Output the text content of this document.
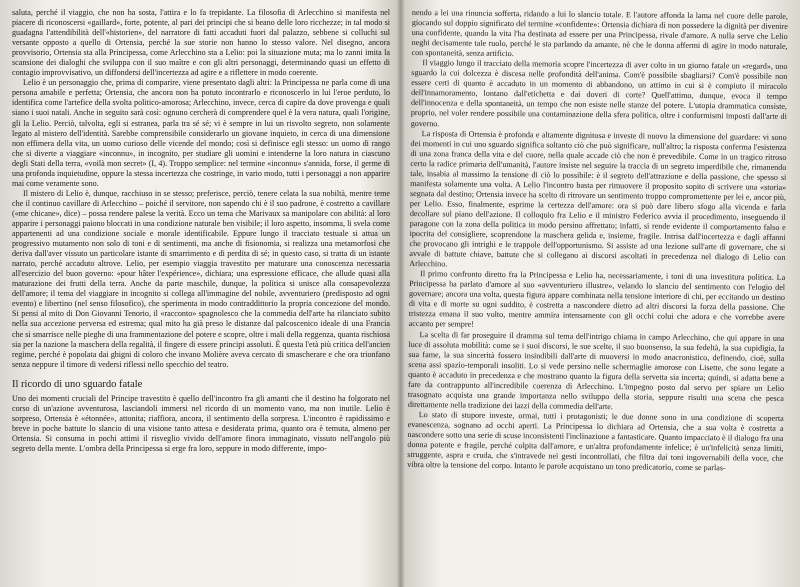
saluta, perché il viaggio, che non ha sosta, l'attira e lo fa trepidante. La filosofia di Arlecchino si manifesta nel piacere di riconoscersi «gaillard», forte, potente, al pari dei principi che si beano delle loro ricchezze; in tal modo si guadagna l'attendibilità dell'«historien», del narratore di fatti accaduti fuori dal palazzo, sebbene si colluchi sul versante opposto a quello di Ortensia, perché la sue storie non hanno lo stesso valore. Nel disegno, ancora provvisorio, Ortensia sta alla Principessa, come Arlecchino sta a Lelio: poi la situazione muta; ma lo zanni imita la scansione dei dialoghi che sviluppa con il suo maître e con gli altri personaggi, determinando quasi un effetto di contagio improvvisativo, un diffondersi dell'incertezza ad agire e a riflettere in modo coerente.

Lelio è un personaggio che, prima di comparire, viene presentato dagli altri: la Principessa ne parla come di una persona amabile e perfetta; Ortensia, che ancora non ha potuto incontrarlo e riconoscerlo in lui l'eroe perduto, lo identifica come l'artefice della svolta politico-amorosa; Arlecchino, invece, cerca di capire da dove provenga e quali siano i suoi natali. Anche in seguito sarà così: ognuno cercherà di comprendere quel è la vera natura, quali l'origine, gli la Lelio. Perciò, talvolta, egli si estranea, parla tra sé sé; vi è sempre in lui un risvolto segreto, non solamente legato al mistero dell'identità. Sarebbe comprensibile considerarlo un giovane inquieto, in cerca di una dimensione non effimera della vita, un uomo curioso delle vicende del mondo; così si definisce egli stesso: un uomo di rango che si diverte a viaggiare «inconnu», in incognito, per studiare gli uomini e intenderne la loro natura in ciascuno degli Stati della terra, «voilà mon secret» (I, 4). Troppo semplice: nel termine «inconnu» s'annida, forse, il germe di una profonda inquietudine, oppure la stessa incertezza che costringe, in vario modo, tutti i personaggi a non apparire mai come veramente sono.

Il mistero di Lelio è, dunque, racchiuso in se stesso; preferisce, perciò, tenere celata la sua nobiltà, mentre teme che il continuo cavillare di Arlecchino – poiché il servitore, non sapendo chi è il suo padrone, è costretto a cavillare («me chicane», dice) – possa rendere palese la verità. Ecco un tema che Marivaux sa manipolare con abilità: al loro apparire i personaggi paiono bloccati in una condizione naturale ben visibile; il loro aspetto, insomma, li svela come appartenenti ad una condizione sociale e morale identificabile. Eppure lungo il tracciato testuale si attua un progressivo mutamento non solo di toni e di sentimenti, ma anche di fisionomia, si realizza una metamorfosi che deriva dall'aver vissuto un particolare istante di smarrimento e di perdita di sé; in questo caso, si tratta di un istante narrato, perché accaduto altrove. Lelio, per esempio viaggia travestito per maturare una conoscenza necessaria all'esercizio del buon governo: «pour hâter l'expérience», dichiara; una espressione efficace, che allude quasi alla maturazione dei frutti della terra. Anche da parte maschile, dunque, la politica si unisce alla consapevolezza dell'amore; il tema del viaggiare in incognito si collega all'immagine del nobile, avventuriero (predisposto ad ogni evento) e libertino (nel senso filosofico), che sperimenta in modo contraddittorio la propria concezione del mondo. Si pensi al mito di Don Giovanni Tenorio, il «racconto» spagnolesco che la commedia dell'arte ha rilanciato subito nella sua accezione perversa ed estrema; qual mito ha già preso le distanze dal palcoscenico ideale di una Francia che si smarrisce nelle pieghe di una frammentazione del potere e scopre, oltre i mali della reggenza, quanta rischiosa sia per la nazione la maschera della regalità, il fingere di essere principi assoluti. È questa l'età più critica dell'ancien regime, perché è popolata dai ghigni di coloro che invano Molière aveva cercato di smascherare e che ora trionfano senza neppure il timore di vedersi riflessi nello specchio del teatro.

Il ricordo di uno sguardo fatale

Uno dei momenti cruciali del Principe travestito è quello dell'incontro fra gli amanti che il destino ha folgorato nel corso di un'azione avventurosa, lasciandoli immersi nel ricordo di un momento vano, ma non inutile. Lelio è sorpreso, Ortensia è «étonnée», attonita; riaffiora, ancora, il sentimento della sorpresa. L'incontro è rapidissimo e breve in poche battute lo slancio di una visione tanto attesa e desiderata prima, quanto ora è temuta, almeno per Ortensia. Si consuma in pochi attimi il risveglio vivido dell'amore finora immaginato, vissuto nell'angolo più segreto della mente. L'ombra della Principessa si erge fra loro, seppure in modo differente, impo-

nendo a lei una rinuncia sofferta, ridando a lui lo slancio totale. E l'autore affonda la lama nel cuore delle parole, giocando sul doppio significato del termine «confidente»: Ortensia dichiara di non possedere la dignità per divenire una confidente, quando la vita l'ha destinata ad essere per una Principessa, rivale d'amore. A nulla serve che Lelio neghi decisamente tale ruolo, perché le sta parlando da amante, nè che le donna affermi di agire in modo naturale, con spontaneità, senza artificio.

Il viaggio lungo il tracciato della memoria scopre l'incertezza di aver colto in un giorno fatale un «regard», uno sguardo la cui dolcezza è discesa nelle profondità dell'anima. Com'è possibile sbagliarsi? Com'è possibile non essere certi di quanto è accaduto in un momento di abbandono, un attimo in cui si è compiuto il miracolo dell'innamoramento, lontano dall'etichetta e dai doveri di corte? Quell'attimo, dunque, evoca il tempo dell'innocenza e della spontaneità, un tempo che non esiste nelle stanze del potere. L'utopia drammatica consiste, proprio, nel voler rendere possibile una contaminazione della sfera politica, oltre i conformismi imposti dall'arte di governo.

La risposta di Ortensia è profonda e altamente dignitosa e investe di nuovo la dimensione del guardare: vi sono dei momenti in cui uno sguardo significa soltanto ciò che può significare, null'altro; la risposta conferma l'esistenza di una zona franca della vita e del cuore, nella quale accade ciò che non è prevedibile. Come in un tragico ritroso certo la radice primaria dell'umanità, l'autore insiste nel seguire la traccia di un segreto imperdibile che, rimanendo tale, insabia al massimo la tensione di ciò lo possibile: è il segreto dell'attrazione e della passione, che spesso si manifesta solamente una volta. A Lelio l'incontro basta per rimuovere il proposito sopito di scrivere una «storia» segnata dal destino; Ortensia invece ha scelto di ritrovare un sentimento troppo compromettente per lei e, ancor più, per Lelio. Esso, finalmente, esprime la certezza dell'amore: ora si può dare libero sfogo alla vicenda e farla decollare sul piano dell'azione. Il colloquio fra Lelio e il ministro Federico avvia il procedimento, inseguendo il paragone con la zona della politica in modo persino affrettato; infatti, si rende evidente il comportamento falso e ipocrita del consigliere, scoprendone la maschera gelida e, insieme, fragile. Intrisa dall'incertezza e dagli affanni che provocano gli intrighi e le trappole dell'opportunismo. Si assiste ad una lezione sull'arte di governare, che si avvale di battute chiave, battute che si collegano ai discorsi ascoltati in precedenza nel dialogo di Lelio con Arlecchino.

Il primo confronto diretto fra la Principessa e Lelio ha, necessariamente, i toni di una investitura politica. La Principessa ha parlato d'amore al suo «avventuriero illustre», velando lo slancio del sentimento con l'elogio del governare; ancora una volta, questa figura appare combinata nella tensione interiore di chi, per eccitando un destino di vita e di morte su ogni suddito, è costretta a nascondere dietro ad altri discorsi la forza della passione. Che tristezza emana il suo volto, mentre ammira intensamente con gli occhi colui che adora e che vorrebbe avere accanto per sempre!

La scelta di far proseguire il dramma sul tema dell'intrigo chiama in campo Arlecchino, che qui appare in una luce di assoluta mobilità: come se i suoi discorsi, le sue scelte, il suo buonsenso, la sua fedeltà, la sua cupidigia, la sua fame, la sua sincerità fossero insindibili dall'arte di muoversi in modo anacronistico, definendo, cioè, sulla scena assi spazio-temporali insoliti. Lo si vede persino nelle schermaglie amorose con Lisette, che sono legate a quanto è accaduto in precedenza e che mostrano quanto la figura della servetta sia incerta; quindi, si adatta bene a fare da contrappunto all'incredibile coerenza di Arlecchino. L'impegno posto dal servo per spiare un Lelio trasognato acquista una grande importanza nello sviluppo della storia, seppure risulti una scena che pesca direttamente nella tradizione dei lazzi della commedia dell'arte.

Lo stato di stupore investe, ormai, tutti i protagonisti; le due donne sono in una condizione di scoperta evanescenza, sognano ad occhi aperti. La Principessa lo dichiara ad Ortensia, che a sua volta è costretta a nascondere sotto una serie di scuse inconsistenti l'inclinazione a fantasticare. Quanto impacciato è il dialogo fra una donna potente e fragile, perché colpita dall'amore, e un'altra profondamente infelice; è un'infelicità senza limiti, struggente, aspra e cruda, che s'intravede nei gesti incontrollati, che filtra dai toni ingovernabili della voce, che vibra oltre la tensione del corpo. Intanto le parole acquistano un tono predicatorio, come se parlas-
